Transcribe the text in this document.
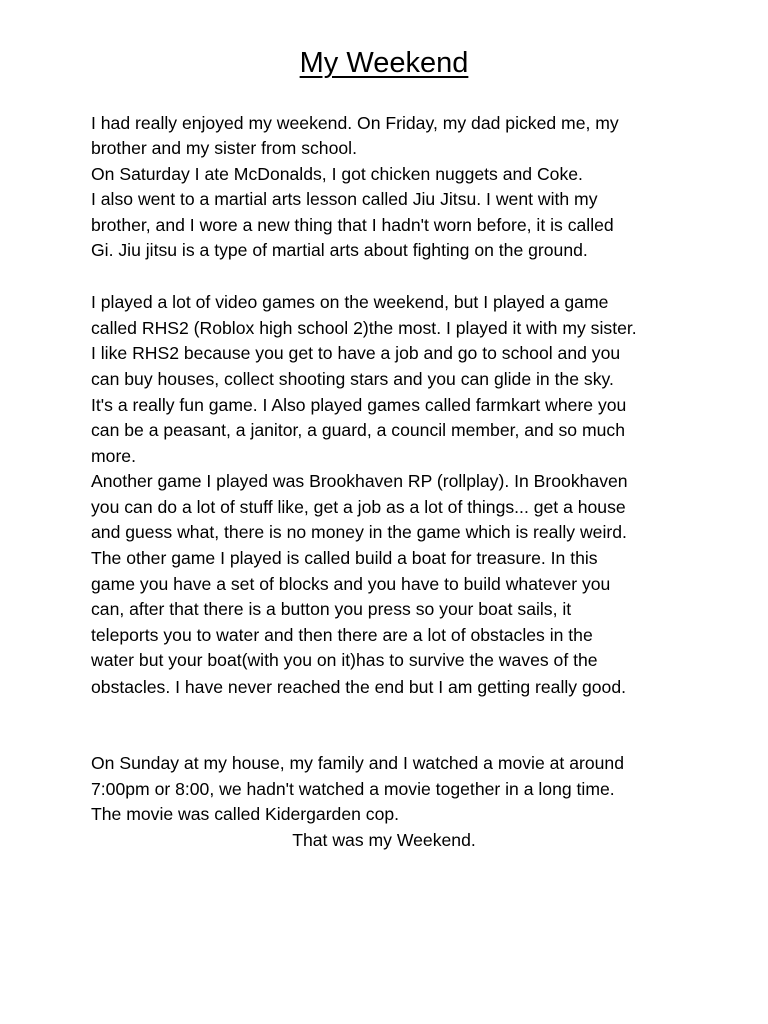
My Weekend

I had really enjoyed my weekend. On Friday, my dad picked me, my

brother and my sister from school.

On Saturday I ate McDonalds, I got chicken nuggets and Coke.

I also went to a martial arts lesson called Jiu Jitsu. I went with my

brother, and I wore a new thing that I hadn't worn before, it is called

Gi. Jiu jitsu is a type of martial arts about fighting on the ground.

I played a lot of video games on the weekend, but I played a game

called RHS2 (Roblox high school 2)the most. I played it with my sister.

I like RHS2 because you get to have a job and go to school and you

can buy houses, collect shooting stars and you can glide in the sky.

It's a really fun game. I Also played games called farmkart where you

can be a peasant, a janitor, a guard, a council member, and so much

more.

Another game I played was Brookhaven RP (rollplay). In Brookhaven

you can do a lot of stuff like, get a job as a lot of things... get a house

and guess what, there is no money in the game which is really weird.

The other game I played is called build a boat for treasure. In this

game you have a set of blocks and you have to build whatever you

can, after that there is a button you press so your boat sails, it

teleports you to water and then there are a lot of obstacles in the

water but your boat(with you on it)has to survive the waves of the

obstacles. I have never reached the end but I am getting really good.

On Sunday at my house, my family and I watched a movie at around

7:00pm or 8:00, we hadn't watched a movie together in a long time.

The movie was called Kidergarden cop.

That was my Weekend.
